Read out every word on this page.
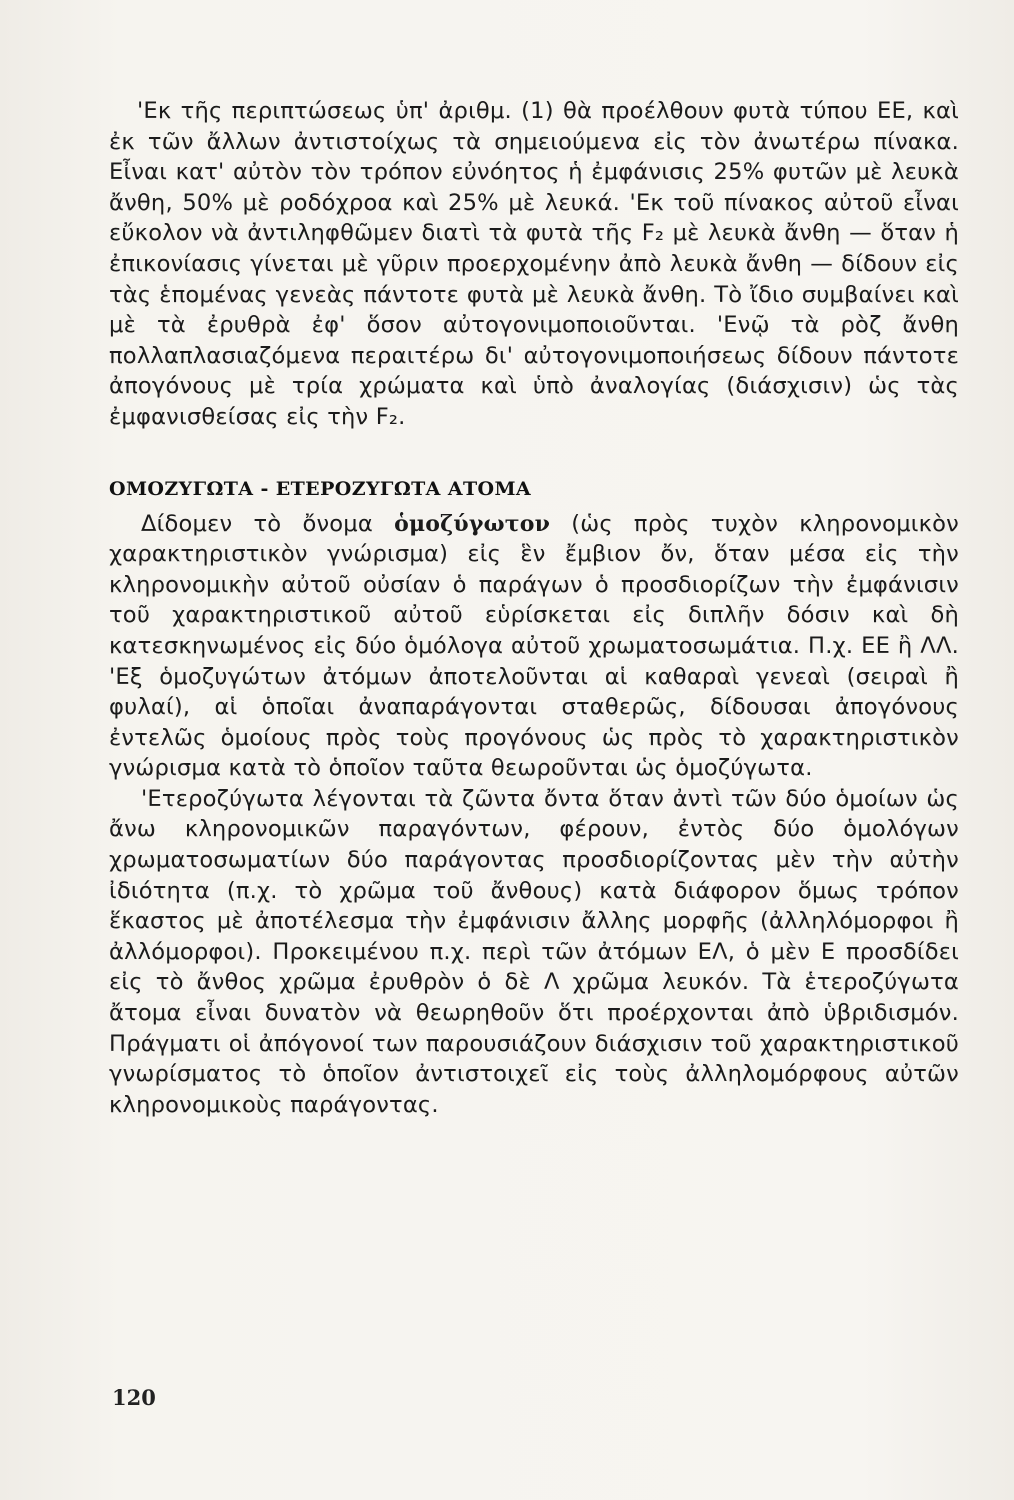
'Εκ τῆς περιπτώσεως ὑπ' ἀριθμ. (1) θὰ προέλθουν φυτὰ τύπου ΕΕ, καὶ ἐκ τῶν ἄλλων ἀντιστοίχως τὰ σημειούμενα εἰς τὸν ἀνωτέρω πίνακα. Εἶναι κατ' αὐτὸν τὸν τρόπον εὐνόητος ἡ ἐμφάνισις 25% φυτῶν μὲ λευκὰ ἄνθη, 50% μὲ ροδόχροα καὶ 25% μὲ λευκά. 'Εκ τοῦ πίνακος αὐτοῦ εἶναι εὔκολον νὰ ἀντιληφθῶμεν διατὶ τὰ φυτὰ τῆς F₂ μὲ λευκὰ ἄνθη — ὅταν ἡ ἐπικονίασις γίνεται μὲ γῦριν προερχομένην ἀπὸ λευκὰ ἄνθη — δίδουν εἰς τὰς ἑπομένας γενεὰς πάντοτε φυτὰ μὲ λευκὰ ἄνθη. Τὸ ἴδιο συμβαίνει καὶ μὲ τὰ ἐρυθρὰ ἐφ' ὅσον αὐτογονιμοποιοῦνται. 'Ενῷ τὰ ρὸζ ἄνθη πολλαπλασιαζόμενα περαιτέρω δι' αὐτογονιμοποιήσεως δίδουν πάντοτε ἀπογόνους μὲ τρία χρώματα καὶ ὑπὸ ἀναλογίας (διάσχισιν) ὡς τὰς ἐμφανισθείσας εἰς τὴν F₂.

ΟΜΟΖΥΓΩΤΑ - ΕΤΕΡΟΖΥΓΩΤΑ ΑΤΟΜΑ

Δίδομεν τὸ ὄνομα ὁμοζύγωτον (ὡς πρὸς τυχὸν κληρονομικὸν χαρακτηριστικὸν γνώρισμα) εἰς ἓν ἔμβιον ὄν, ὅταν μέσα εἰς τὴν κληρονομικὴν αὐτοῦ οὐσίαν ὁ παράγων ὁ προσδιορίζων τὴν ἐμφάνισιν τοῦ χαρακτηριστικοῦ αὐτοῦ εὑρίσκεται εἰς διπλῆν δόσιν καὶ δὴ κατεσκηνωμένος εἰς δύο ὁμόλογα αὐτοῦ χρωματοσωμάτια. Π.χ. ΕΕ ἢ ΛΛ. 'Εξ ὁμοζυγώτων ἀτόμων ἀποτελοῦνται αἱ καθαραὶ γενεαὶ (σειραὶ ἢ φυλαί), αἱ ὁποῖαι ἀναπαράγονται σταθερῶς, δίδουσαι ἀπογόνους ἐντελῶς ὁμοίους πρὸς τοὺς προγόνους ὡς πρὸς τὸ χαρακτηριστικὸν γνώρισμα κατὰ τὸ ὁποῖον ταῦτα θεωροῦνται ὡς ὁμοζύγωτα.

'Ετεροζύγωτα λέγονται τὰ ζῶντα ὄντα ὅταν ἀντὶ τῶν δύο ὁμοίων ὡς ἄνω κληρονομικῶν παραγόντων, φέρουν, ἐντὸς δύο ὁμολόγων χρωματοσωματίων δύο παράγοντας προσδιορίζοντας μὲν τὴν αὐτὴν ἰδιότητα (π.χ. τὸ χρῶμα τοῦ ἄνθους) κατὰ διάφορον ὅμως τρόπον ἕκαστος μὲ ἀποτέλεσμα τὴν ἐμφάνισιν ἄλλης μορφῆς (ἀλληλόμορφοι ἢ ἀλλόμορφοι). Προκειμένου π.χ. περὶ τῶν ἀτόμων ΕΛ, ὁ μὲν Ε προσδίδει εἰς τὸ ἄνθος χρῶμα ἐρυθρὸν ὁ δὲ Λ χρῶμα λευκόν. Τὰ ἑτεροζύγωτα ἄτομα εἶναι δυνατὸν νὰ θεωρηθοῦν ὅτι προέρχονται ἀπὸ ὑβριδισμόν. Πράγματι οἱ ἀπόγονοί των παρουσιάζουν διάσχισιν τοῦ χαρακτηριστικοῦ γνωρίσματος τὸ ὁποῖον ἀντιστοιχεῖ εἰς τοὺς ἀλληλομόρφους αὐτῶν κληρονομικοὺς παράγοντας.

120
